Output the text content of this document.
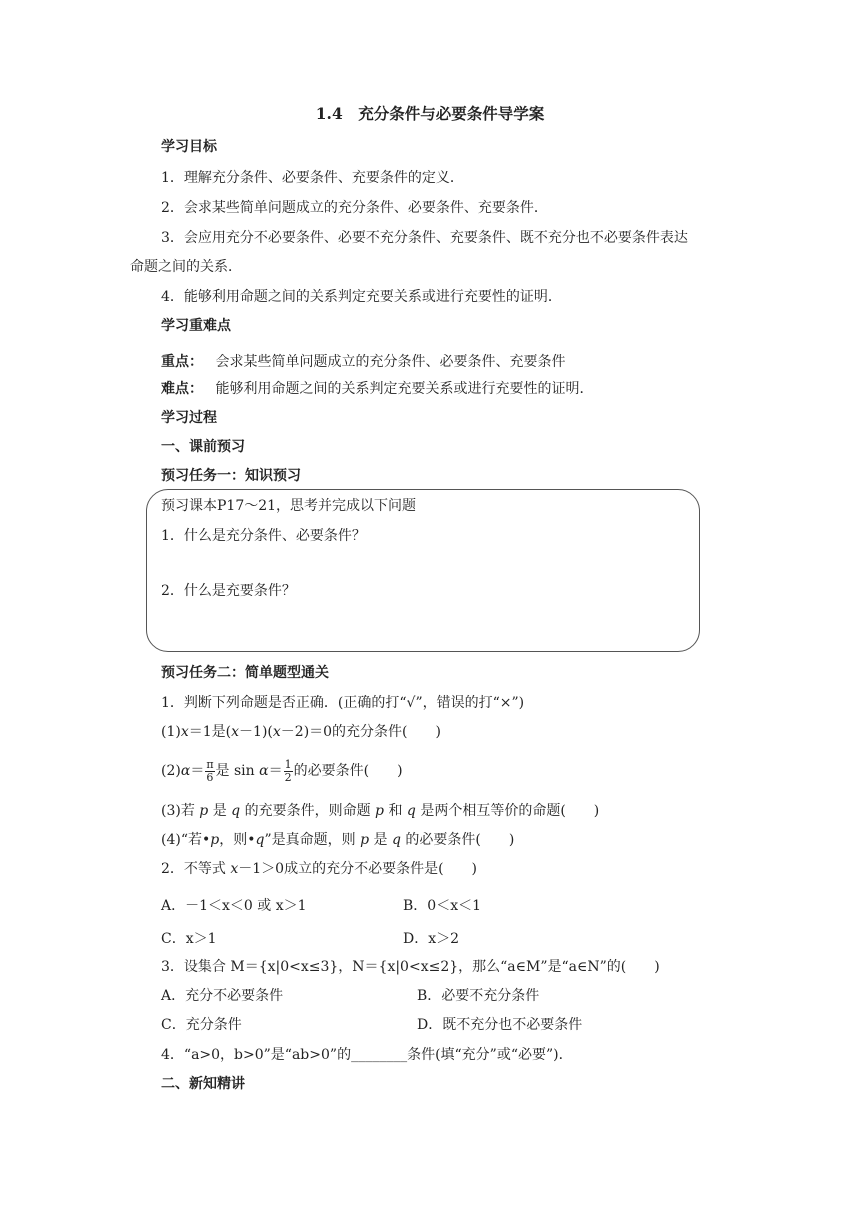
1.4　充分条件与必要条件导学案
学习目标
1．理解充分条件、必要条件、充要条件的定义．
2．会求某些简单问题成立的充分条件、必要条件、充要条件．
3．会应用充分不必要条件、必要不充分条件、充要条件、既不充分也不必要条件表达
命题之间的关系．
4．能够利用命题之间的关系判定充要关系或进行充要性的证明．
学习重难点
重点： 会求某些简单问题成立的充分条件、必要条件、充要条件
难点： 能够利用命题之间的关系判定充要关系或进行充要性的证明．
学习过程
一、课前预习
预习任务一：知识预习
预习课本P17～21，思考并完成以下问题
1．什么是充分条件、必要条件？
2．什么是充要条件？
预习任务二：简单题型通关
1．判断下列命题是否正确．(正确的打“√”，错误的打“×”)
(1)x＝1是(x－1)(x－2)＝0的充分条件(　　)
$(2)\alpha= \frac{\pi}{6}$ 是 $\sin \alpha= \frac{1}{2}$ 的必要条件(　　)
(3)若 p 是 q 的充要条件，则命题 p 和 q 是两个相互等价的命题(　　)
(4)“若•p，则•q”是真命题，则 p 是 q 的必要条件(　　)
2．不等式 x－1＞0成立的充分不必要条件是(　　)
A．－1＜x＜0 或 x＞1	B．0＜x＜1
C．x＞1	D．x＞2
3．设集合 M＝{x|0<x≤3}，N＝{x|0<x≤2}，那么“a∈M”是“a∈N”的(　　)
A．充分不必要条件	B．必要不充分条件
C．充分条件	D．既不充分也不必要条件
4．“a>0，b>0”是“ab>0”的________条件(填“充分”或“必要”)．
二、新知精讲
